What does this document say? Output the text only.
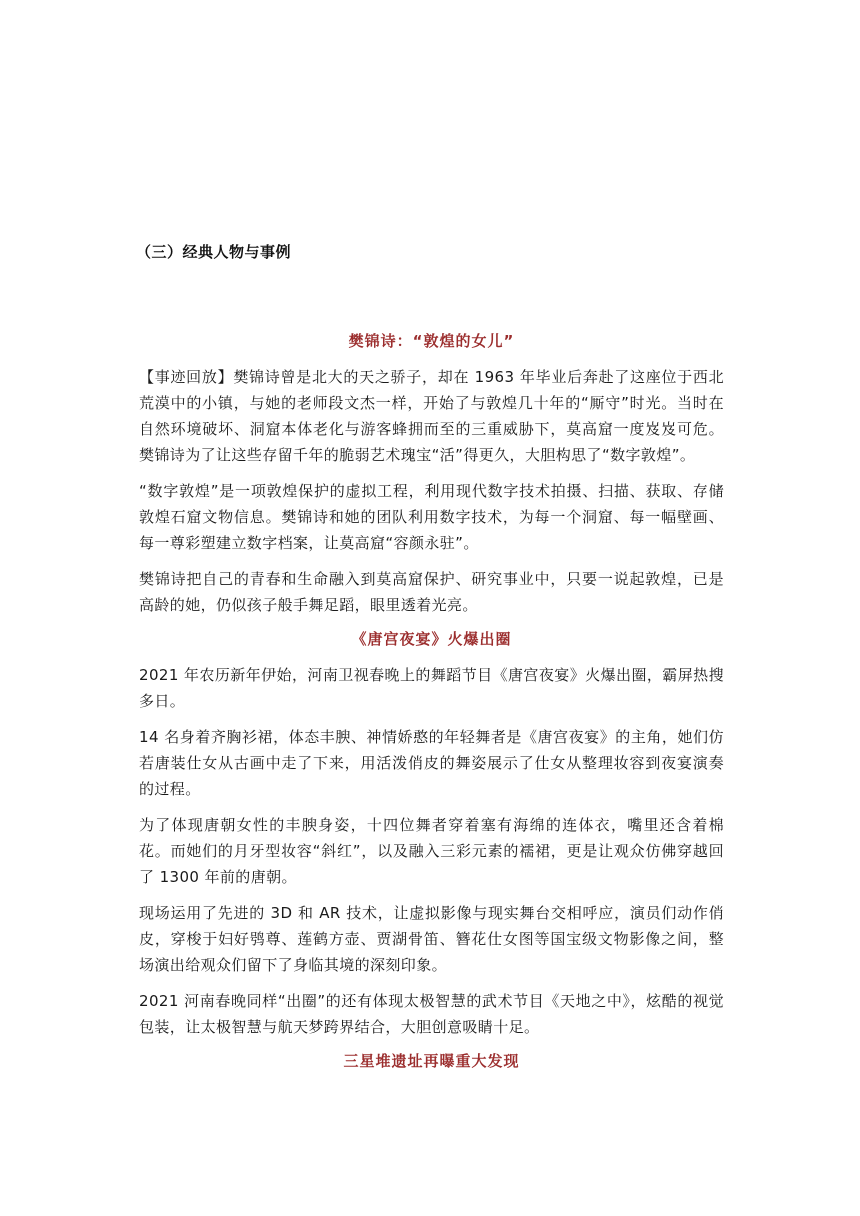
（三）经典人物与事例
樊锦诗：“敦煌的女儿”

【事迹回放】樊锦诗曾是北大的天之骄子，却在 1963 年毕业后奔赴了这座位于西北荒漠中的小镇，与她的老师段文杰一样，开始了与敦煌几十年的“厮守”时光。当时在自然环境破坏、洞窟本体老化与游客蜂拥而至的三重威胁下，莫高窟一度岌岌可危。樊锦诗为了让这些存留千年的脆弱艺术瑰宝“活”得更久，大胆构思了“数字敦煌”。

“数字敦煌”是一项敦煌保护的虚拟工程，利用现代数字技术拍摄、扫描、获取、存储敦煌石窟文物信息。樊锦诗和她的团队利用数字技术，为每一个洞窟、每一幅壁画、每一尊彩塑建立数字档案，让莫高窟“容颜永驻”。

樊锦诗把自己的青春和生命融入到莫高窟保护、研究事业中，只要一说起敦煌，已是高龄的她，仍似孩子般手舞足蹈，眼里透着光亮。

《唐宫夜宴》火爆出圈

2021 年农历新年伊始，河南卫视春晚上的舞蹈节目《唐宫夜宴》火爆出圈，霸屏热搜多日。

14 名身着齐胸衫裙，体态丰腴、神情娇憨的年轻舞者是《唐宫夜宴》的主角，她们仿若唐装仕女从古画中走了下来，用活泼俏皮的舞姿展示了仕女从整理妆容到夜宴演奏的过程。

为了体现唐朝女性的丰腴身姿，十四位舞者穿着塞有海绵的连体衣，嘴里还含着棉花。而她们的月牙型妆容“斜红”，以及融入三彩元素的襦裙，更是让观众仿佛穿越回了 1300 年前的唐朝。

现场运用了先进的 3D 和 AR 技术，让虚拟影像与现实舞台交相呼应，演员们动作俏皮，穿梭于妇好鸮尊、莲鹤方壶、贾湖骨笛、簪花仕女图等国宝级文物影像之间，整场演出给观众们留下了身临其境的深刻印象。

2021 河南春晚同样“出圈”的还有体现太极智慧的武术节目《天地之中》，炫酷的视觉包装，让太极智慧与航天梦跨界结合，大胆创意吸睛十足。

三星堆遗址再曝重大发现
